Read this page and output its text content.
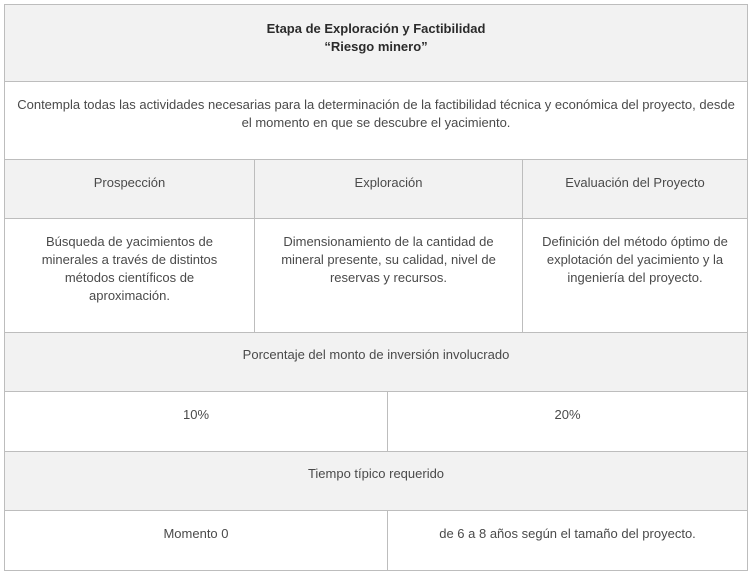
Etapa de Exploración y Factibilidad
“Riesgo minero”			

Contempla todas las actividades necesarias para la determinación de la factibilidad técnica y económica del proyecto, desde el momento en que se descubre el yacimiento.			
Prospección	Exploración		Evaluación del Proyecto
Búsqueda de yacimientos de minerales a través de distintos métodos científicos de aproximación.	Dimensionamiento de la cantidad de mineral presente, su calidad, nivel de reservas y recursos.		Definición del método óptimo de explotación del yacimiento y la ingeniería del proyecto.
Porcentaje del monto de inversión involucrado			
10%		20%	
Tiempo típico requerido			
Momento 0		de 6 a 8 años según el tamaño del proyecto.	
